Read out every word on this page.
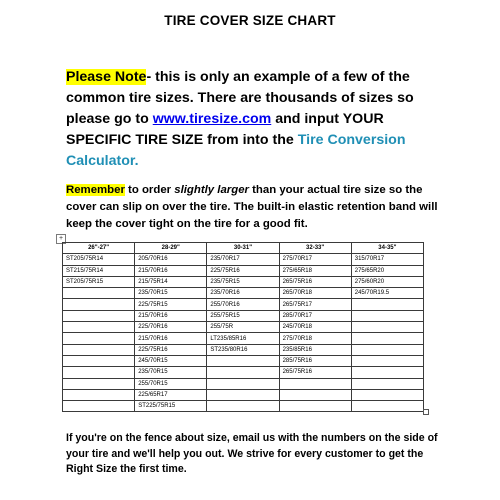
TIRE COVER SIZE CHART
Please Note- this is only an example of a few of the common tire sizes. There are thousands of sizes so please go to www.tiresize.com and input YOUR SPECIFIC TIRE SIZE from into the Tire Conversion Calculator.
Remember to order slightly larger than your actual tire size so the cover can slip on over the tire. The built-in elastic retention band will keep the cover tight on the tire for a good fit.
+
26"-27"	28-29"	30-31"	32-33"	34-35"
ST205/75R14	205/70R16	235/70R17	275/70R17	315/70R17
ST215/75R14	215/70R16	225/75R16	275/65R18	275/65R20
ST205/75R15	215/75R14	235/75R15	265/75R16	275/60R20
	235/70R15	235/70R16	265/70R18	245/70R19.5
	225/75R15	255/70R16	265/75R17	
	215/70R16	255/75R15	285/70R17	
	225/70R16	255/75R	245/70R18	
	215/70R16	LT235/85R16	275/70R18	
	225/75R16	ST235/80R16	235/85R16	
	245/70R15		285/75R16	
	235/70R15		265/75R16	
	255/70R15			
	225/65R17			
	ST225/75R15			
If you're on the fence about size, email us with the numbers on the side of your tire and we'll help you out. We strive for every customer to get the Right Size the first time.
